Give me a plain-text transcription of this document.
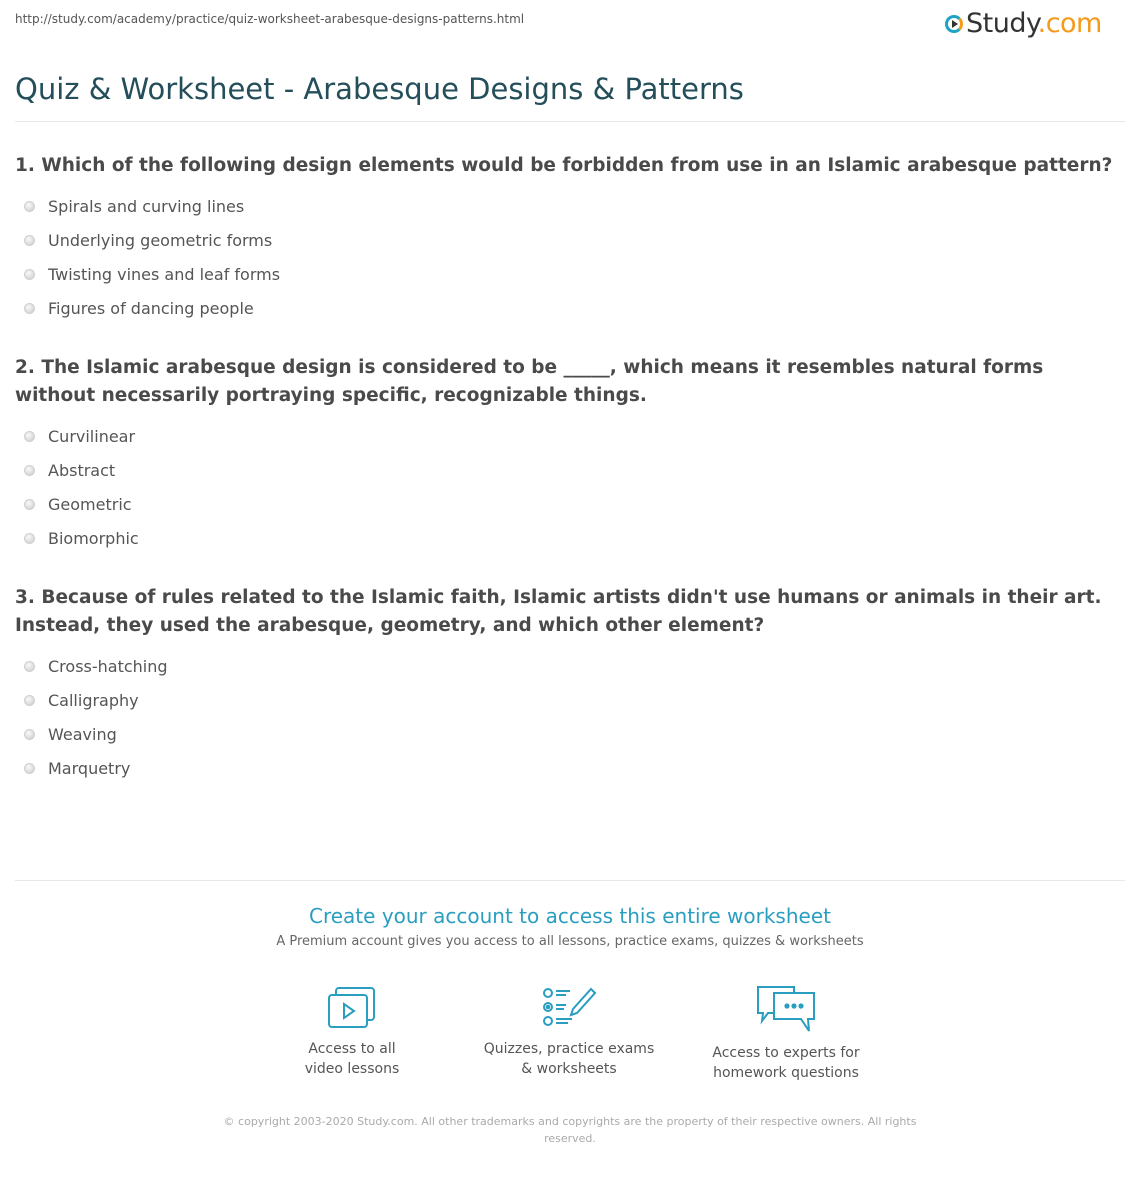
http://study.com/academy/practice/quiz-worksheet-arabesque-designs-patterns.html	Study.com
Quiz & Worksheet - Arabesque Designs & Patterns

1. Which of the following design elements would be forbidden from use in an Islamic arabesque pattern?

Spirals and curving lines
Underlying geometric forms
Twisting vines and leaf forms
Figures of dancing people

2. The Islamic arabesque design is considered to be _____, which means it resembles natural forms without necessarily portraying specific, recognizable things.

Curvilinear
Abstract
Geometric
Biomorphic

3. Because of rules related to the Islamic faith, Islamic artists didn't use humans or animals in their art. Instead, they used the arabesque, geometry, and which other element?

Cross-hatching
Calligraphy
Weaving
Marquetry
Create your account to access this entire worksheet
A Premium account gives you access to all lessons, practice exams, quizzes & worksheets
Access to all
video lessons
Quizzes, practice exams
& worksheets
Access to experts for
homework questions
© copyright 2003-2020 Study.com. All other trademarks and copyrights are the property of their respective owners. All rights reserved.
